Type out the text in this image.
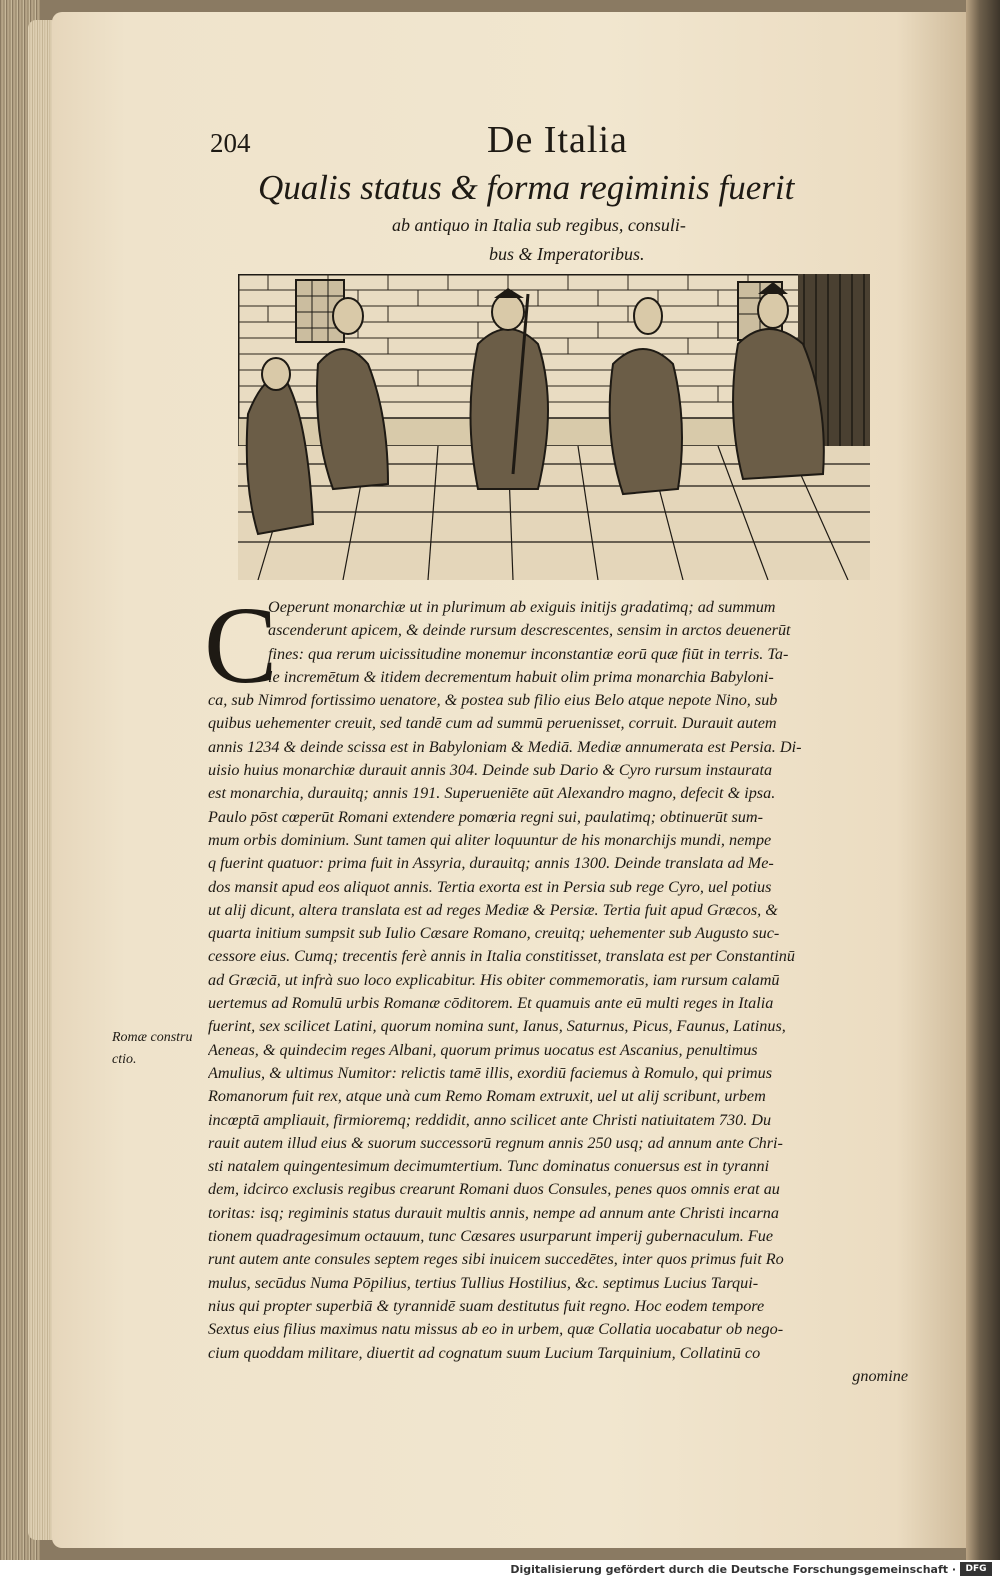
204	De Italia
Qualis status & forma regiminis fuerit
ab antiquo in Italia sub regibus, consuli-
bus & Imperatoribus.
C
Oeperunt monarchiæ ut in plurimum ab exiguis initijs gradatimq; ad summum
ascenderunt apicem, & deinde rursum descrescentes, sensim in arctos deuenerūt
fines: qua rerum uicissitudine monemur inconstantiæ eorū quæ fiūt in terris. Ta-
le incremētum & itidem decrementum habuit olim prima monarchia Babyloni-
ca, sub Nimrod fortissimo uenatore, & postea sub filio eius Belo atque nepote Nino, sub
quibus uehementer creuit, sed tandē cum ad summū peruenisset, corruit. Durauit autem
annis 1234 & deinde scissa est in Babyloniam & Mediā. Mediæ annumerata est Persia. Di-
uisio huius monarchiæ durauit annis 304. Deinde sub Dario & Cyro rursum instaurata
est monarchia, durauitq; annis 191. Superueniēte aūt Alexandro magno, defecit & ipsa.
Paulo pōst cœperūt Romani extendere pomœria regni sui, paulatimq; obtinuerūt sum-
mum orbis dominium. Sunt tamen qui aliter loquuntur de his monarchijs mundi, nempe
q fuerint quatuor: prima fuit in Assyria, durauitq; annis 1300. Deinde translata ad Me-
dos mansit apud eos aliquot annis. Tertia exorta est in Persia sub rege Cyro, uel potius
ut alij dicunt, altera translata est ad reges Mediæ & Persiæ. Tertia fuit apud Græcos, &
quarta initium sumpsit sub Iulio Cæsare Romano, creuitq; uehementer sub Augusto suc-
cessore eius. Cumq; trecentis ferè annis in Italia constitisset, translata est per Constantinū
ad Græciā, ut infrà suo loco explicabitur. His obiter commemoratis, iam rursum calamū
uertemus ad Romulū urbis Romanæ cōditorem. Et quamuis ante eū multi reges in Italia
fuerint, sex scilicet Latini, quorum nomina sunt, Ianus, Saturnus, Picus, Faunus, Latinus,
Aeneas, & quindecim reges Albani, quorum primus uocatus est Ascanius, penultimus
Amulius, & ultimus Numitor: relictis tamē illis, exordiū faciemus à Romulo, qui primus
Romanorum fuit rex, atque unà cum Remo Romam extruxit, uel ut alij scribunt, urbem
incœptā ampliauit, firmioremq; reddidit, anno scilicet ante Christi natiuitatem 730. Du
rauit autem illud eius & suorum successorū regnum annis 250 usq; ad annum ante Chri-
sti natalem quingentesimum decimumtertium. Tunc dominatus conuersus est in tyranni
dem, idcirco exclusis regibus crearunt Romani duos Consules, penes quos omnis erat au
toritas: isq; regiminis status durauit multis annis, nempe ad annum ante Christi incarna
tionem quadragesimum octauum, tunc Cæsares usurparunt imperij gubernaculum. Fue
runt autem ante consules septem reges sibi inuicem succedētes, inter quos primus fuit Ro
mulus, secūdus Numa Pōpilius, tertius Tullius Hostilius, &c. septimus Lucius Tarqui-
nius qui propter superbiā & tyrannidē suam destitutus fuit regno. Hoc eodem tempore
Sextus eius filius maximus natu missus ab eo in urbem, quæ Collatia uocabatur ob nego-
cium quoddam militare, diuertit ad cognatum suum Lucium Tarquinium, Collatinū co
gnomine
Romæ constru
ctio.
Digitalisierung gefördert durch die Deutsche Forschungsgemeinschaft ·	DFG
